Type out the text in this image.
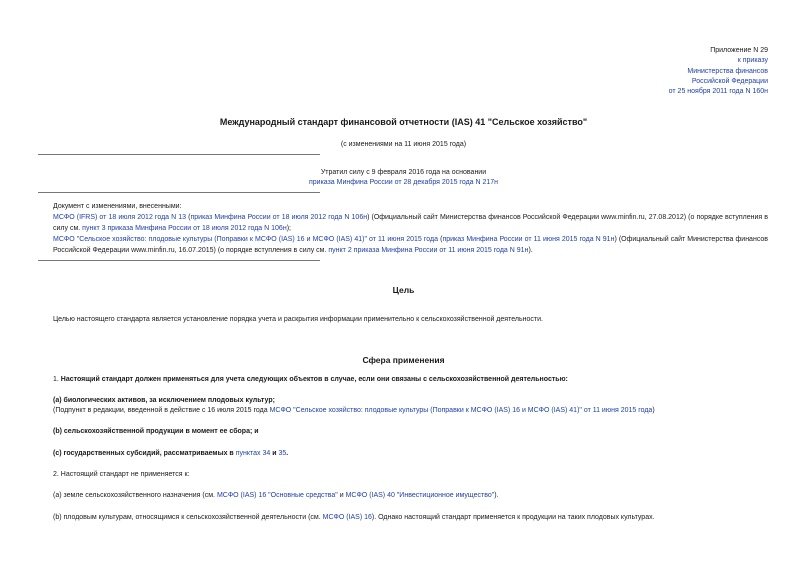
Приложение N 29
к приказу
Министерства финансов
Российской Федерации
от 25 ноября 2011 года N 160н
Международный стандарт финансовой отчетности (IAS) 41 "Сельское хозяйство"
(с изменениями на 11 июня 2015 года)
Утратил силу с 9 февраля 2016 года на основании
приказа Минфина России от 28 декабря 2015 года N 217н
Документ с изменениями, внесенными:
МСФО (IFRS) от 18 июля 2012 года N 13 (приказ Минфина России от 18 июля 2012 года N 106н) (Официальный сайт Министерства финансов Российской Федерации www.minfin.ru, 27.08.2012) (о порядке вступления в силу см. пункт 3 приказа Минфина России от 18 июля 2012 года N 106н);
МСФО "Сельское хозяйство: плодовые культуры (Поправки к МСФО (IAS) 16 и МСФО (IAS) 41)" от 11 июня 2015 года (приказ Минфина России от 11 июня 2015 года N 91н) (Официальный сайт Министерства финансов Российской Федерации www.minfin.ru, 16.07.2015) (о порядке вступления в силу см. пункт 2 приказа Минфина России от 11 июня 2015 года N 91н).
Цель
Целью настоящего стандарта является установление порядка учета и раскрытия информации применительно к сельскохозяйственной деятельности.
Сфера применения
1. Настоящий стандарт должен применяться для учета следующих объектов в случае, если они связаны с сельскохозяйственной деятельностью:
(a) биологических активов, за исключением плодовых культур;
(Подпункт в редакции, введенной в действие с 16 июля 2015 года МСФО "Сельское хозяйство: плодовые культуры (Поправки к МСФО (IAS) 16 и МСФО (IAS) 41)" от 11 июня 2015 года)
(b) сельскохозяйственной продукции в момент ее сбора; и
(c) государственных субсидий, рассматриваемых в пунктах 34 и 35.
2. Настоящий стандарт не применяется к:
(a) земле сельскохозяйственного назначения (см. МСФО (IAS) 16 "Основные средства" и МСФО (IAS) 40 "Инвестиционное имущество").
(b) плодовым культурам, относящимся к сельскохозяйственной деятельности (см. МСФО (IAS) 16). Однако настоящий стандарт применяется к продукции на таких плодовых культурах.
